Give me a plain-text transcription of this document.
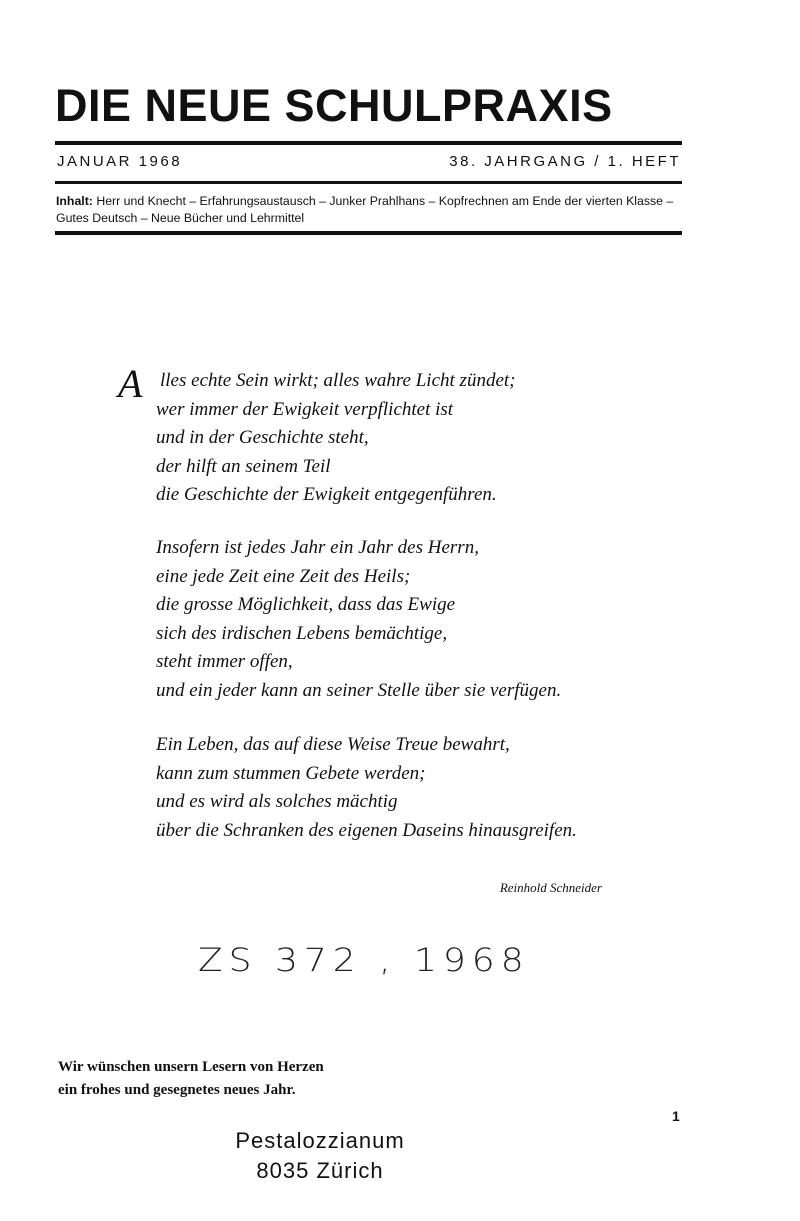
DIE NEUE SCHULPRAXIS
JANUAR 1968	38. JAHRGANG / 1. HEFT
Inhalt: Herr und Knecht – Erfahrungsaustausch – Junker Prahlhans – Kopfrechnen am Ende der vierten Klasse – Gutes Deutsch – Neue Bücher und Lehrmittel
A lles echte Sein wirkt; alles wahre Licht zündet;
wer immer der Ewigkeit verpflichtet ist
und in der Geschichte steht,
der hilft an seinem Teil
die Geschichte der Ewigkeit entgegenführen.
Insofern ist jedes Jahr ein Jahr des Herrn,
eine jede Zeit eine Zeit des Heils;
die grosse Möglichkeit, dass das Ewige
sich des irdischen Lebens bemächtige,
steht immer offen,
und ein jeder kann an seiner Stelle über sie verfügen.
Ein Leben, das auf diese Weise Treue bewahrt,
kann zum stummen Gebete werden;
und es wird als solches mächtig
über die Schranken des eigenen Daseins hinausgreifen.
Reinhold Schneider
ZS 372 , 1968
Wir wünschen unsern Lesern von Herzen
ein frohes und gesegnetes neues Jahr.
1
Pestalozzianum
8035 Zürich
